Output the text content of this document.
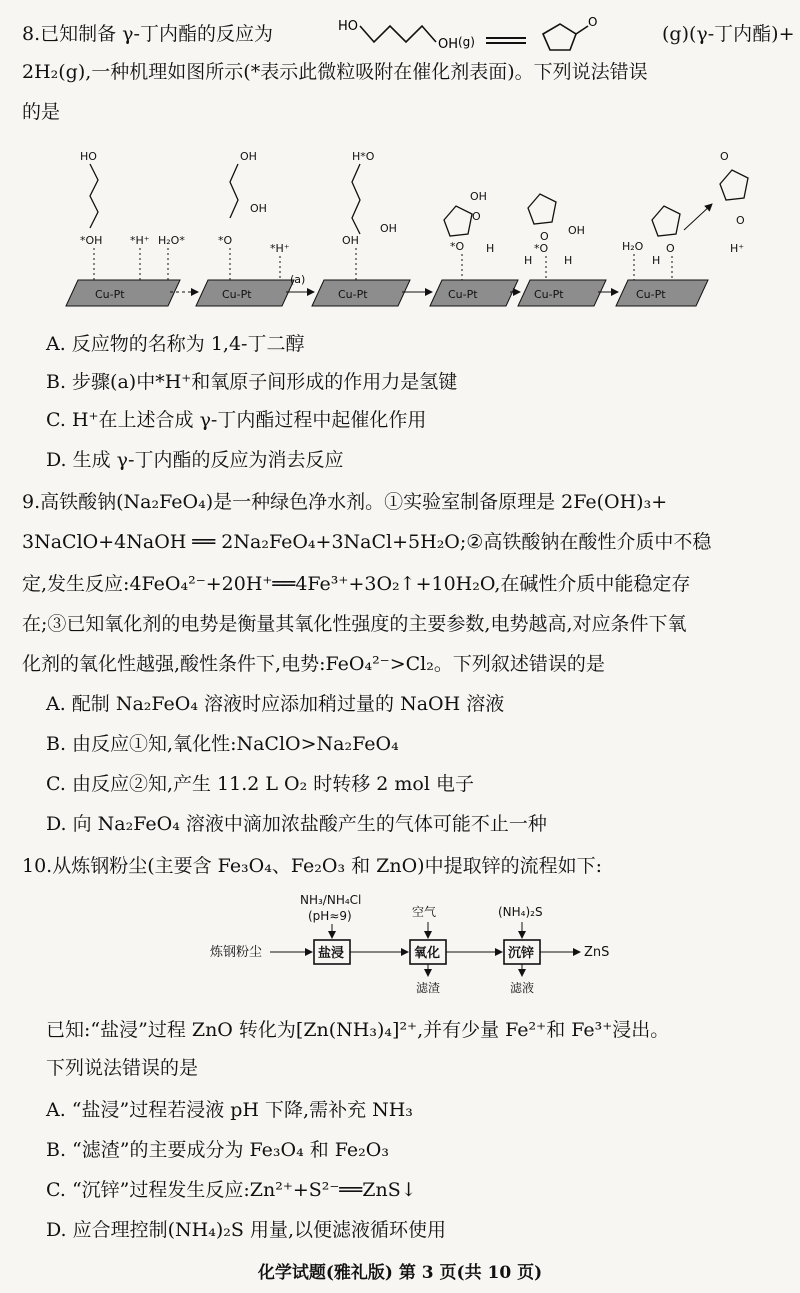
8.已知制备 γ-丁内酯的反应为	HO
OH (g)
O
(g)(γ-丁内酯)+
2H₂(g),一种机理如图所示(*表示此微粒吸附在催化剂表面)。下列说法错误
的是
Cu-Pt	Cu-Pt	Cu-Pt	Cu-Pt	Cu-Pt	Cu-Pt
(a)
HO
*OH	*H⁺ H₂O*
OH
*O
*H⁺
OH
H*O
OH
OH
OH
O
*O H
O OH
*O
H	H
H₂O O
H
O
O
H⁺
A. 反应物的名称为 1,4-丁二醇
B. 步骤(a)中*H⁺和氧原子间形成的作用力是氢键
C. H⁺在上述合成 γ-丁内酯过程中起催化作用
D. 生成 γ-丁内酯的反应为消去反应
9.高铁酸钠(Na₂FeO₄)是一种绿色净水剂。①实验室制备原理是 2Fe(OH)₃+
3NaClO+4NaOH ══ 2Na₂FeO₄+3NaCl+5H₂O;②高铁酸钠在酸性介质中不稳
定,发生反应:4FeO₄²⁻+20H⁺══4Fe³⁺+3O₂↑+10H₂O,在碱性介质中能稳定存
在;③已知氧化剂的电势是衡量其氧化性强度的主要参数,电势越高,对应条件下氧
化剂的氧化性越强,酸性条件下,电势:FeO₄²⁻>Cl₂。下列叙述错误的是
A. 配制 Na₂FeO₄ 溶液时应添加稍过量的 NaOH 溶液
B. 由反应①知,氧化性:NaClO>Na₂FeO₄
C. 由反应②知,产生 11.2 L O₂ 时转移 2 mol 电子
D. 向 Na₂FeO₄ 溶液中滴加浓盐酸产生的气体可能不止一种
10.从炼钢粉尘(主要含 Fe₃O₄、Fe₂O₃ 和 ZnO)中提取锌的流程如下:
NH₃/NH₄Cl
(pH≈9)	空气	(NH₄)₂S
炼钢粉尘	盐浸	氧化	沉锌	ZnS
滤渣	滤液
已知:“盐浸”过程 ZnO 转化为[Zn(NH₃)₄]²⁺,并有少量 Fe²⁺和 Fe³⁺浸出。
下列说法错误的是
A. “盐浸”过程若浸液 pH 下降,需补充 NH₃
B. “滤渣”的主要成分为 Fe₃O₄ 和 Fe₂O₃
C. “沉锌”过程发生反应:Zn²⁺+S²⁻══ZnS↓
D. 应合理控制(NH₄)₂S 用量,以便滤液循环使用
化学试题(雅礼版) 第 3 页(共 10 页)
